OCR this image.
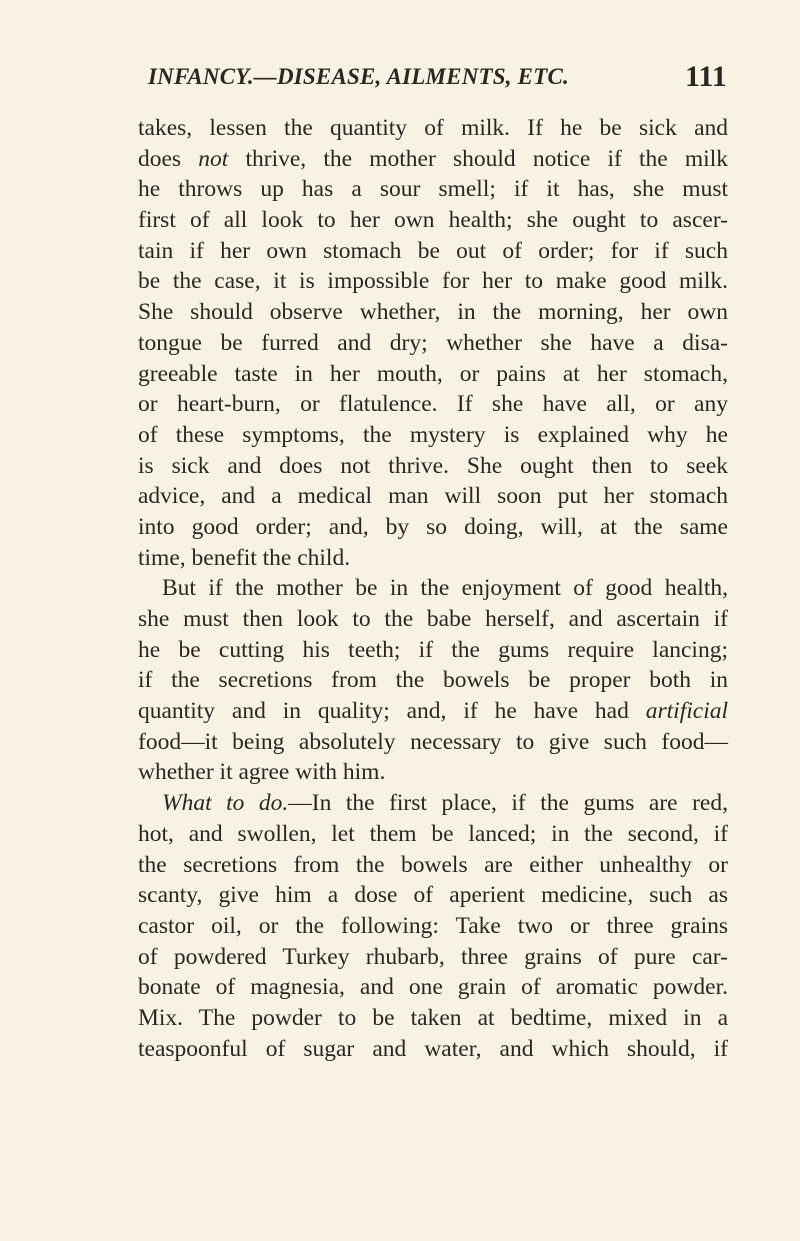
INFANCY.—DISEASE, AILMENTS, ETC.	111
takes, lessen the quantity of milk. If he be sick and
does not thrive, the mother should notice if the milk
he throws up has a sour smell; if it has, she must
first of all look to her own health; she ought to ascer-
tain if her own stomach be out of order; for if such
be the case, it is impossible for her to make good milk.
She should observe whether, in the morning, her own
tongue be furred and dry; whether she have a disa-
greeable taste in her mouth, or pains at her stomach,
or heart-burn, or flatulence. If she have all, or any
of these symptoms, the mystery is explained why he
is sick and does not thrive. She ought then to seek
advice, and a medical man will soon put her stomach
into good order; and, by so doing, will, at the same
time, benefit the child.
But if the mother be in the enjoyment of good health,
she must then look to the babe herself, and ascertain if
he be cutting his teeth; if the gums require lancing;
if the secretions from the bowels be proper both in
quantity and in quality; and, if he have had artificial
food—it being absolutely necessary to give such food—
whether it agree with him.
What to do.—In the first place, if the gums are red,
hot, and swollen, let them be lanced; in the second, if
the secretions from the bowels are either unhealthy or
scanty, give him a dose of aperient medicine, such as
castor oil, or the following: Take two or three grains
of powdered Turkey rhubarb, three grains of pure car-
bonate of magnesia, and one grain of aromatic powder.
Mix. The powder to be taken at bedtime, mixed in a
teaspoonful of sugar and water, and which should, if
